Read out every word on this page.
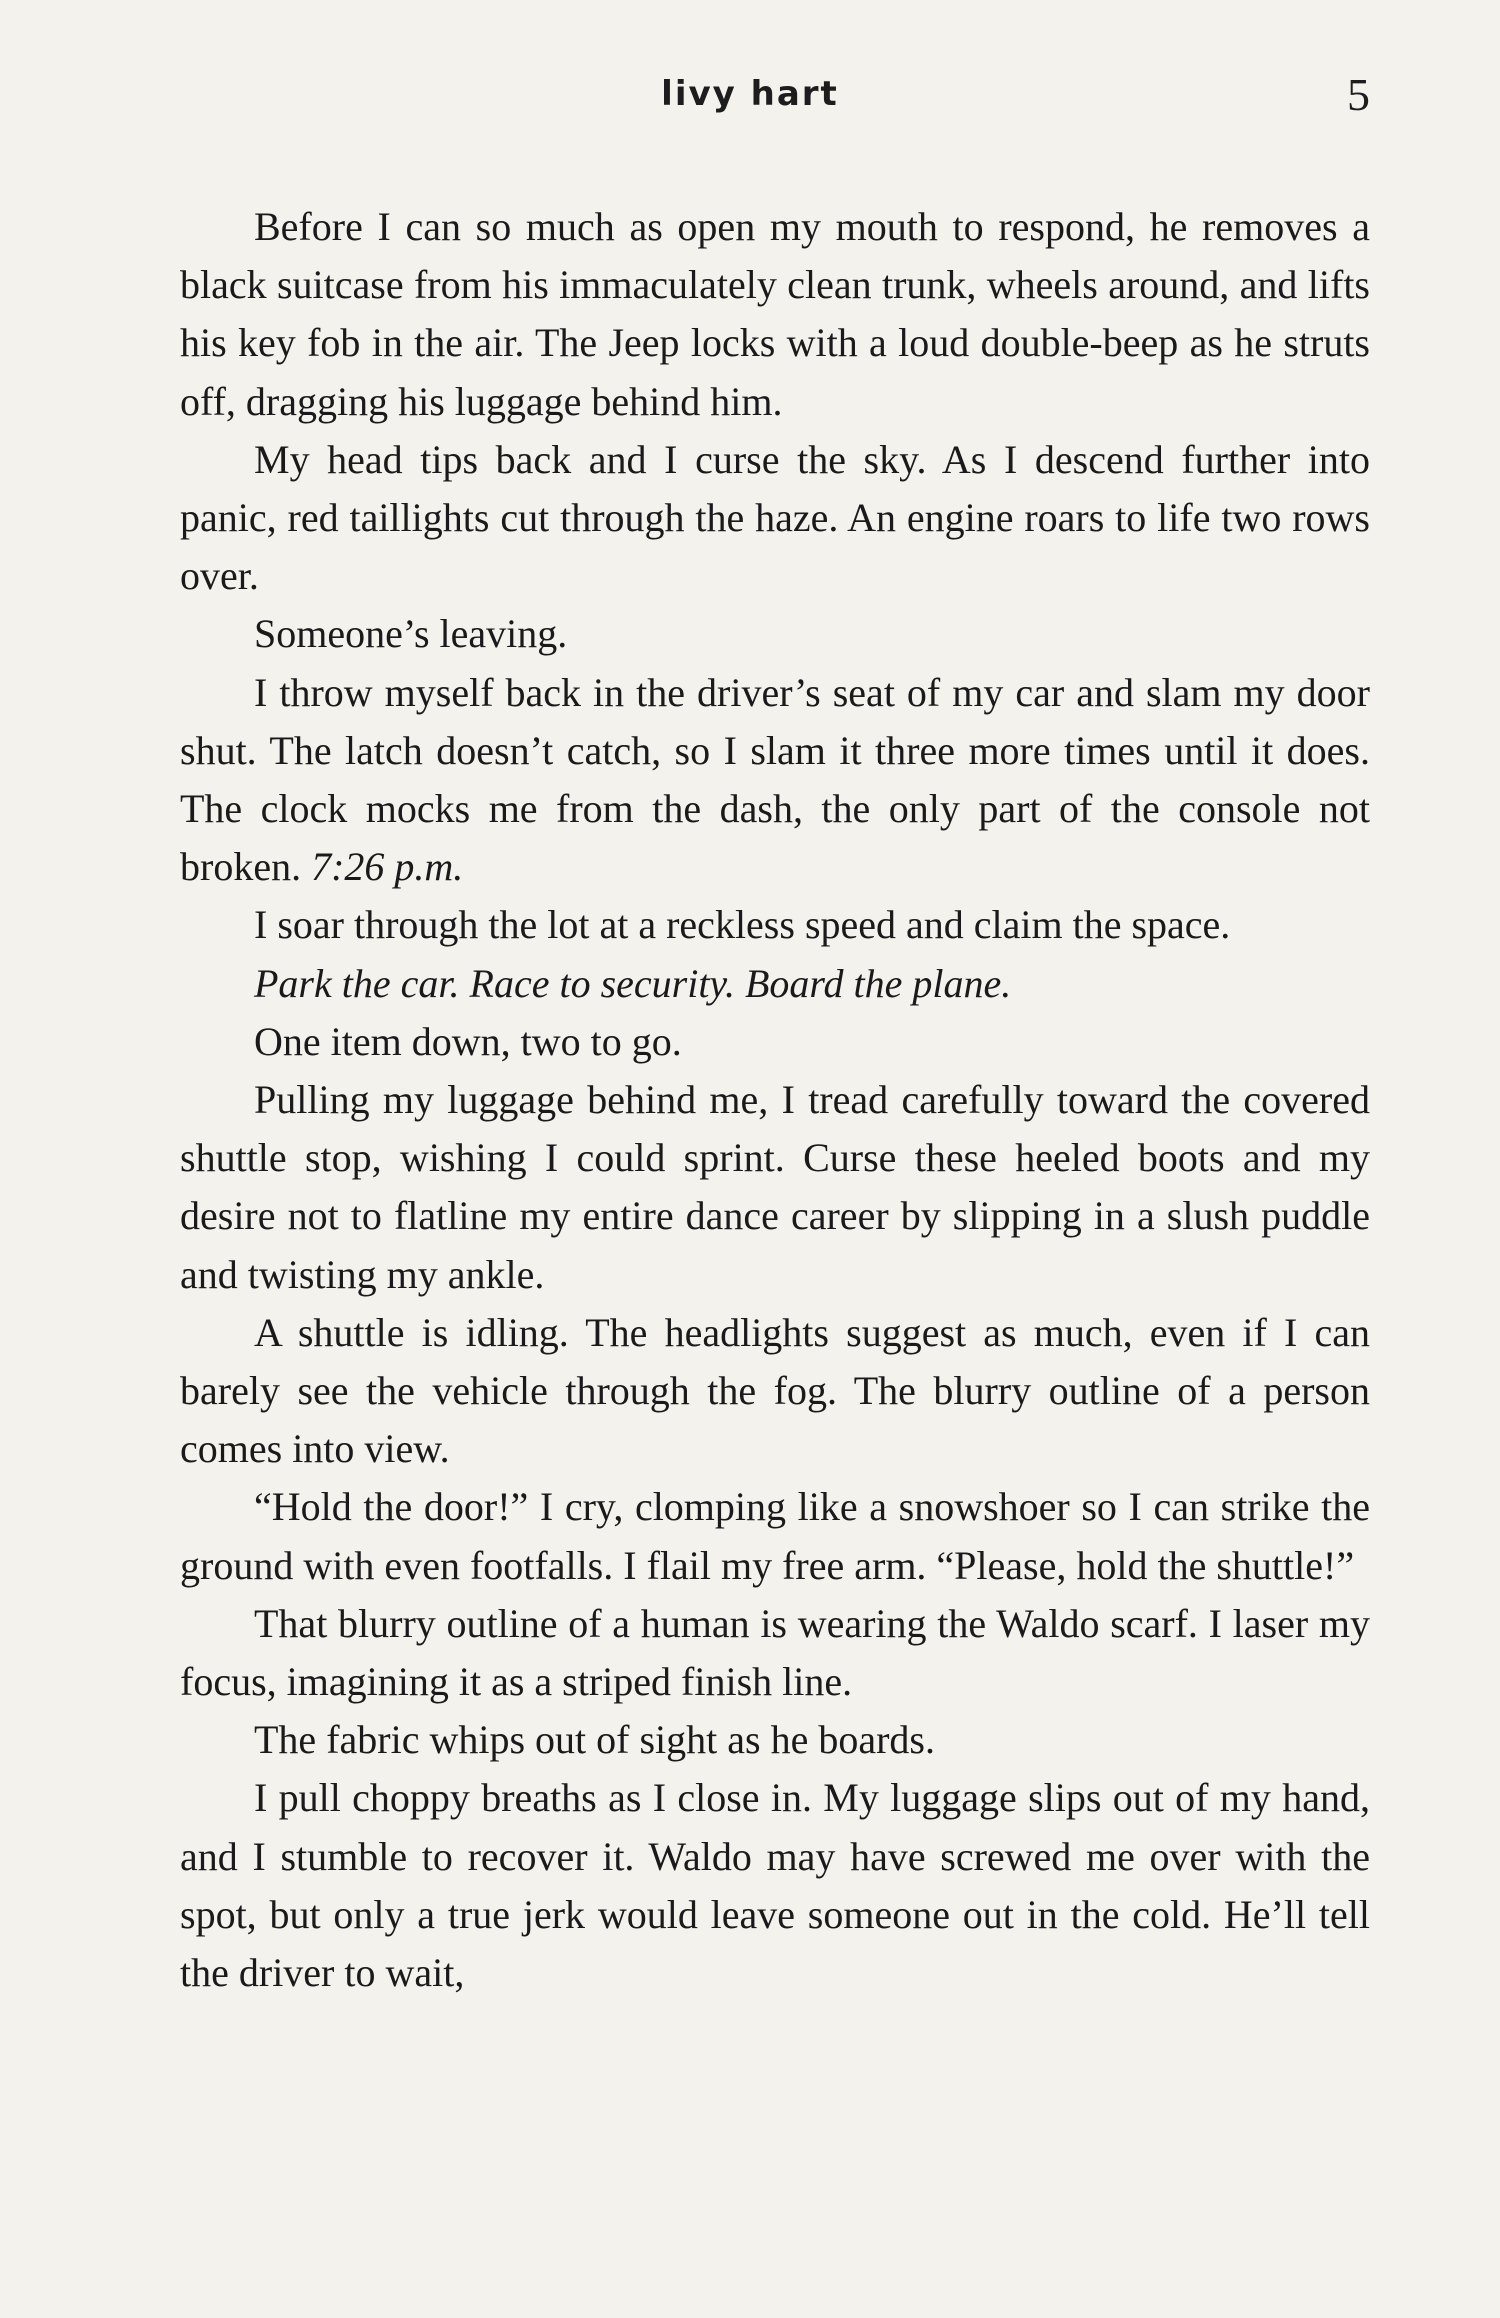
livy hart	5

Before I can so much as open my mouth to respond, he removes a black suitcase from his immaculately clean trunk, wheels around, and lifts his key fob in the air. The Jeep locks with a loud double-beep as he struts off, dragging his luggage behind him.

My head tips back and I curse the sky. As I descend further into panic, red taillights cut through the haze. An engine roars to life two rows over.

Someone’s leaving.

I throw myself back in the driver’s seat of my car and slam my door shut. The latch doesn’t catch, so I slam it three more times until it does. The clock mocks me from the dash, the only part of the console not broken. 7:26 p.m.

I soar through the lot at a reckless speed and claim the space.

Park the car. Race to security. Board the plane.

One item down, two to go.

Pulling my luggage behind me, I tread carefully toward the covered shuttle stop, wishing I could sprint. Curse these heeled boots and my desire not to flatline my entire dance career by slipping in a slush puddle and twisting my ankle.

A shuttle is idling. The headlights suggest as much, even if I can barely see the vehicle through the fog. The blurry outline of a person comes into view.

“Hold the door!” I cry, clomping like a snowshoer so I can strike the ground with even footfalls. I flail my free arm. “Please, hold the shuttle!”

That blurry outline of a human is wearing the Waldo scarf. I laser my focus, imagining it as a striped finish line.

The fabric whips out of sight as he boards.

I pull choppy breaths as I close in. My luggage slips out of my hand, and I stumble to recover it. Waldo may have screwed me over with the spot, but only a true jerk would leave someone out in the cold. He’ll tell the driver to wait,
